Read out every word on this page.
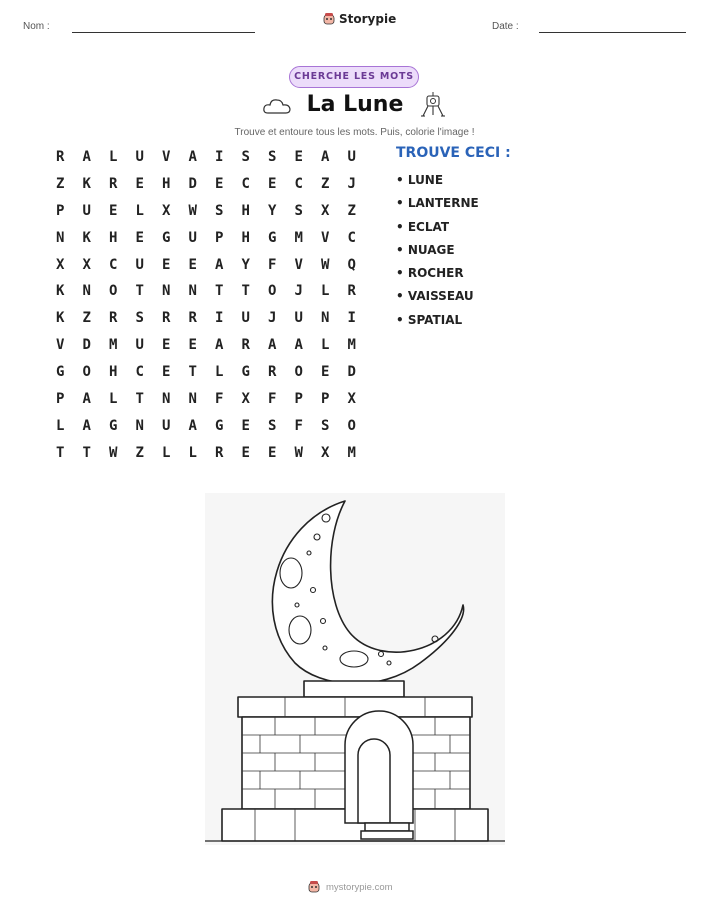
Nom :
Storypie
Date :
CHERCHE LES MOTS
La Lune
Trouve et entoure tous les mots. Puis, colorie l'image !
R	A	L	U	V	A	I	S	S	E	A	U
Z	K	R	E	H	D	E	C	E	C	Z	J
P	U	E	L	X	W	S	H	Y	S	X	Z
N	K	H	E	G	U	P	H	G	M	V	C
X	X	C	U	E	E	A	Y	F	V	W	Q
K	N	O	T	N	N	T	T	O	J	L	R
K	Z	R	S	R	R	I	U	J	U	N	I
V	D	M	U	E	E	A	R	A	A	L	M
G	O	H	C	E	T	L	G	R	O	E	D
P	A	L	T	N	N	F	X	F	P	P	X
L	A	G	N	U	A	G	E	S	F	S	O
T	T	W	Z	L	L	R	E	E	W	X	M
TROUVE CECI :
• LUNE
• LANTERNE
• ECLAT
• NUAGE
• ROCHER
• VAISSEAU
• SPATIAL
mystorypie.com
